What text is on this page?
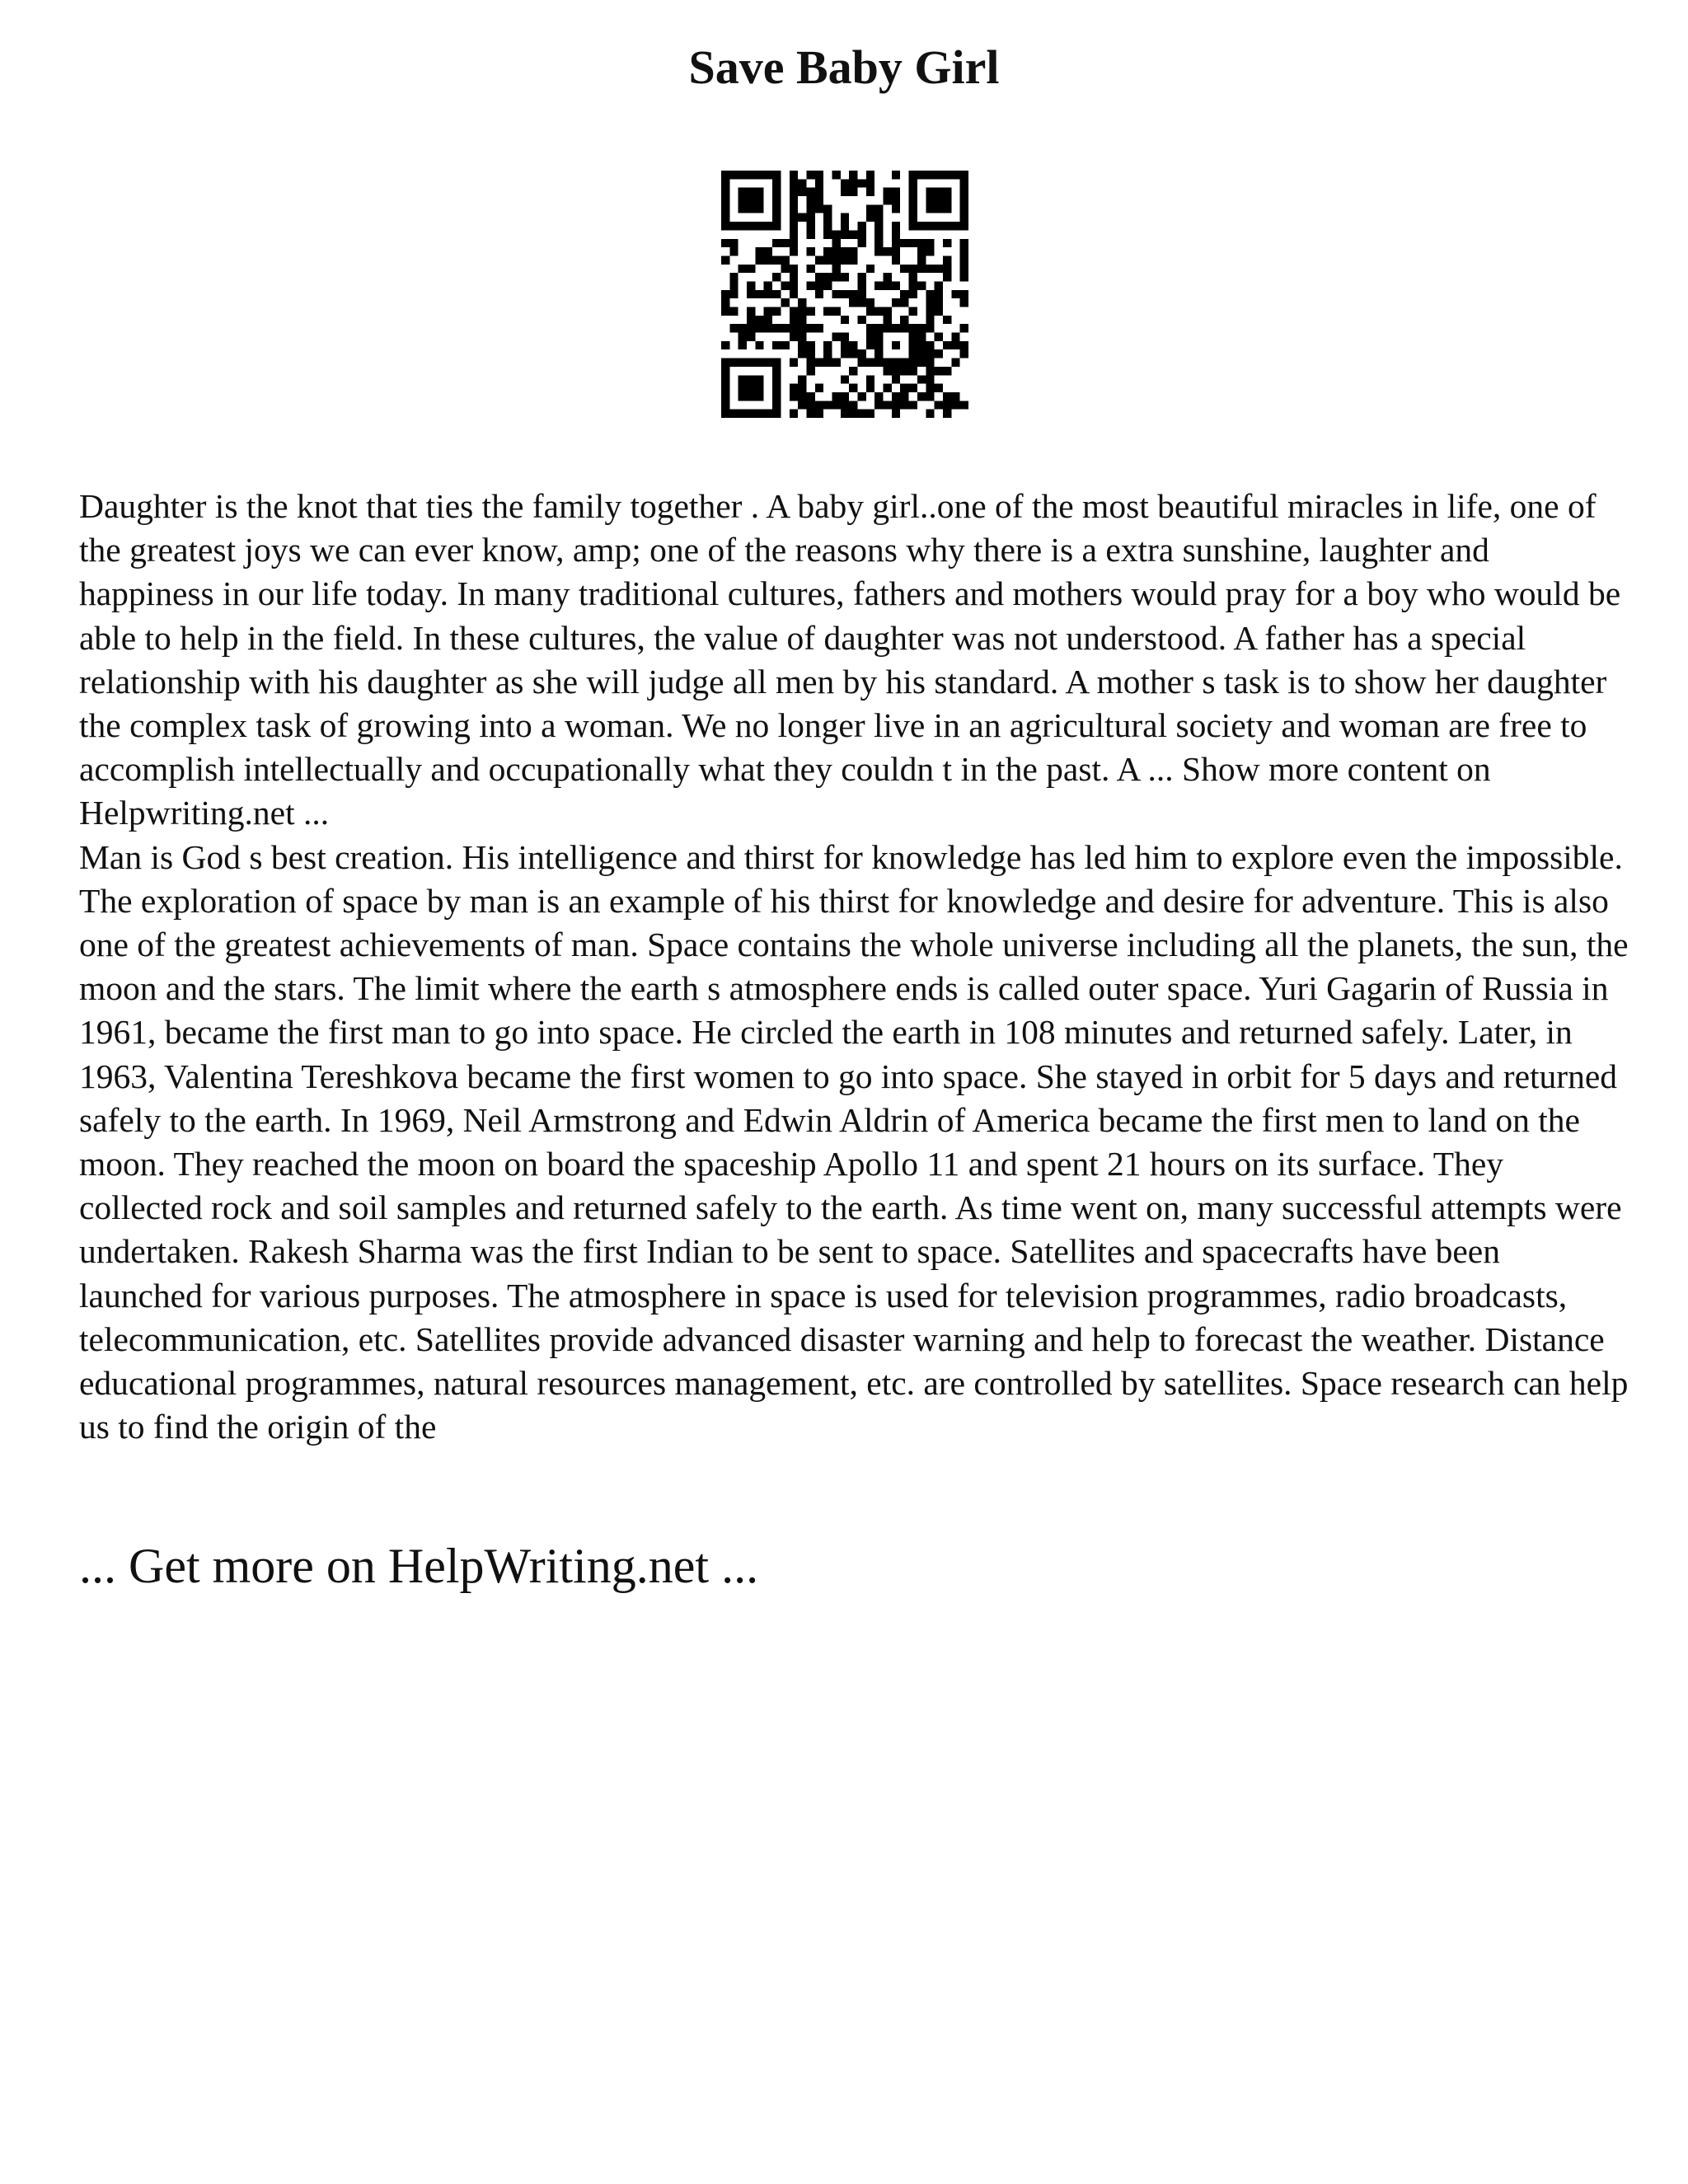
Save Baby Girl

Daughter is the knot that ties the family together . A baby girl..one of the most beautiful miracles in life, one of the greatest joys we can ever know, amp; one of the reasons why there is a extra sunshine, laughter and happiness in our life today. In many traditional cultures, fathers and mothers would pray for a boy who would be able to help in the field. In these cultures, the value of daughter was not understood. A father has a special relationship with his daughter as she will judge all men by his standard. A mother s task is to show her daughter the complex task of growing into a woman. We no longer live in an agricultural society and woman are free to accomplish intellectually and occupationally what they couldn t in the past. A ... Show more content on Helpwriting.net ...

Man is God s best creation. His intelligence and thirst for knowledge has led him to explore even the impossible. The exploration of space by man is an example of his thirst for knowledge and desire for adventure. This is also one of the greatest achievements of man. Space contains the whole universe including all the planets, the sun, the moon and the stars. The limit where the earth s atmosphere ends is called outer space. Yuri Gagarin of Russia in 1961, became the first man to go into space. He circled the earth in 108 minutes and returned safely. Later, in 1963, Valentina Tereshkova became the first women to go into space. She stayed in orbit for 5 days and returned safely to the earth. In 1969, Neil Armstrong and Edwin Aldrin of America became the first men to land on the moon. They reached the moon on board the spaceship Apollo 11 and spent 21 hours on its surface. They collected rock and soil samples and returned safely to the earth. As time went on, many successful attempts were undertaken. Rakesh Sharma was the first Indian to be sent to space. Satellites and spacecrafts have been launched for various purposes. The atmosphere in space is used for television programmes, radio broadcasts, telecommunication, etc. Satellites provide advanced disaster warning and help to forecast the weather. Distance educational programmes, natural resources management, etc. are controlled by satellites. Space research can help us to find the origin of the

... Get more on HelpWriting.net ...
